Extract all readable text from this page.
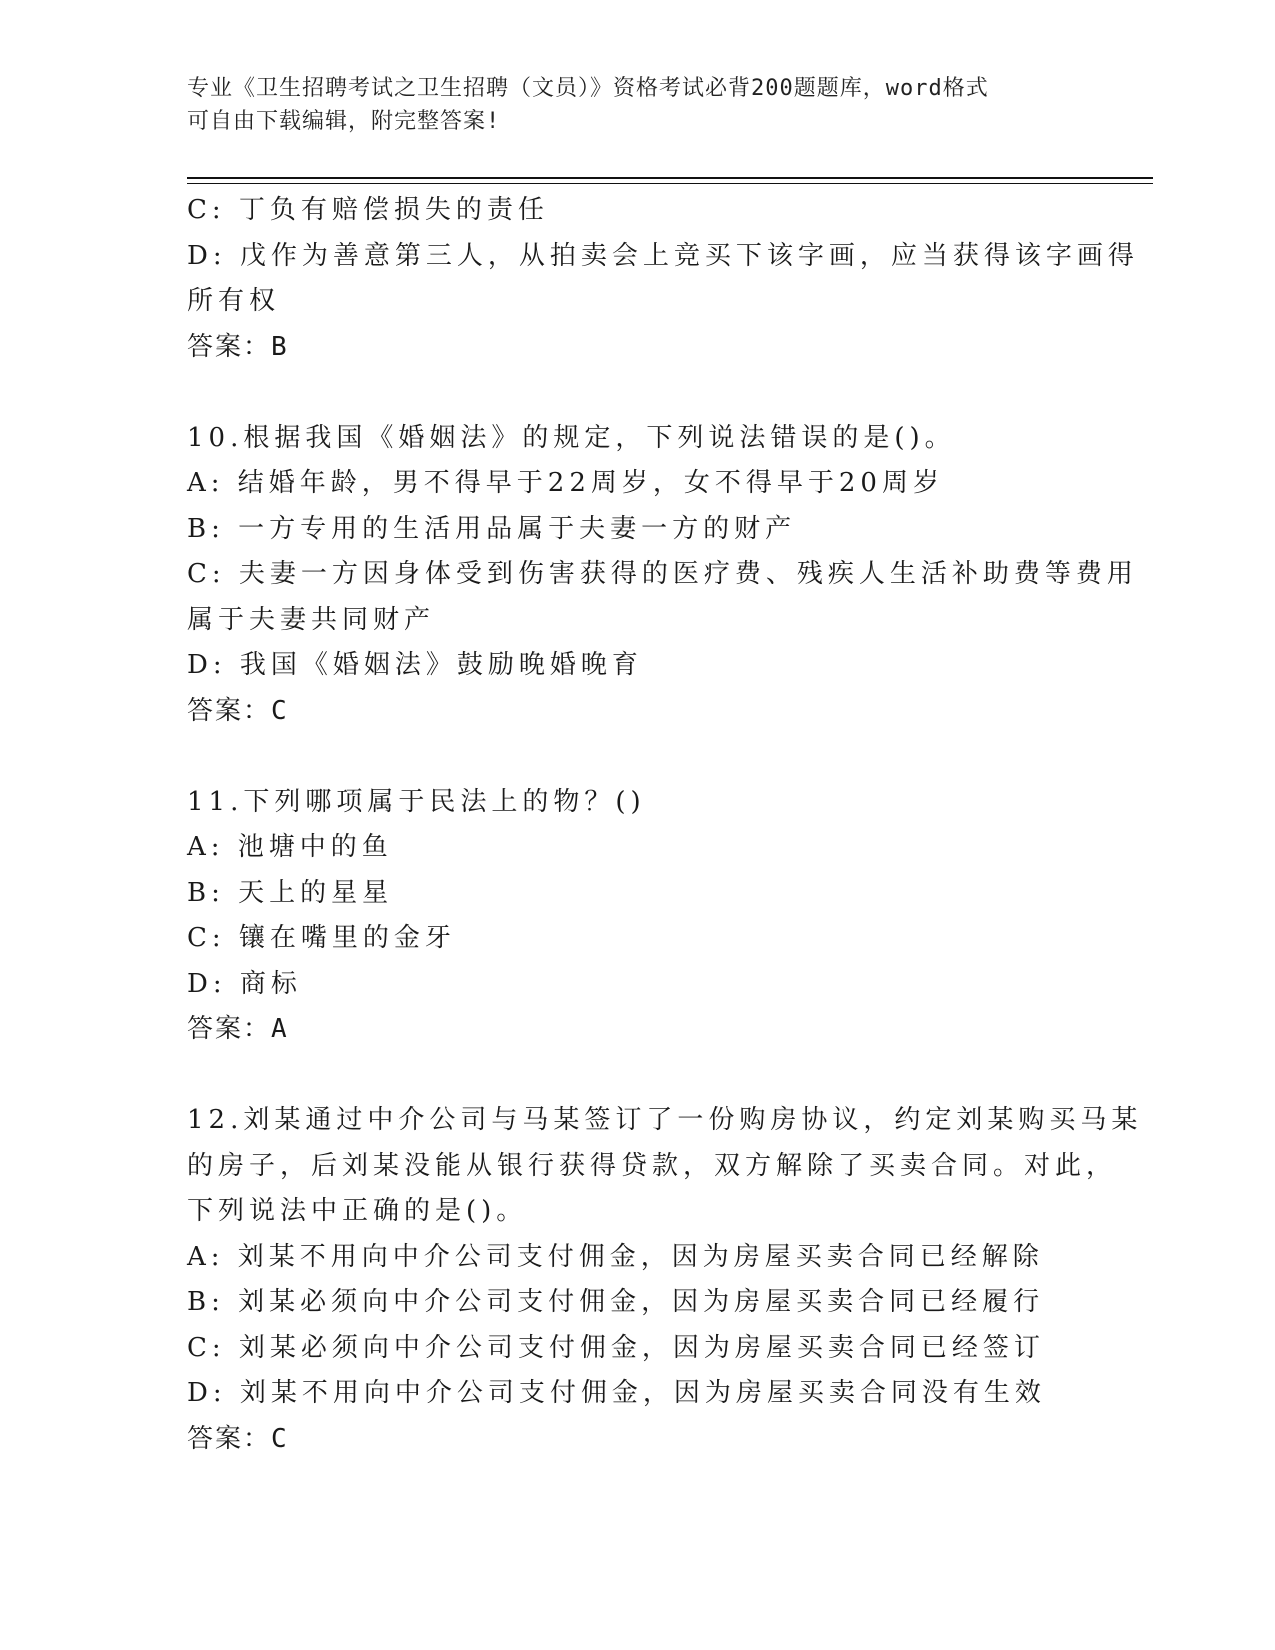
专业《卫生招聘考试之卫生招聘（文员）》资格考试必背200题题库，word格式
可自由下载编辑，附完整答案!
C: 丁负有赔偿损失的责任
D: 戊作为善意第三人，从拍卖会上竞买下该字画，应当获得该字画得
所有权
答案：B
10.根据我国《婚姻法》的规定，下列说法错误的是()。
A: 结婚年龄，男不得早于22周岁，女不得早于20周岁
B: 一方专用的生活用品属于夫妻一方的财产
C: 夫妻一方因身体受到伤害获得的医疗费、残疾人生活补助费等费用
属于夫妻共同财产
D: 我国《婚姻法》鼓励晚婚晚育
答案：C
11.下列哪项属于民法上的物？()
A: 池塘中的鱼
B: 天上的星星
C: 镶在嘴里的金牙
D: 商标
答案：A
12.刘某通过中介公司与马某签订了一份购房协议，约定刘某购买马某
的房子，后刘某没能从银行获得贷款，双方解除了买卖合同。对此，
下列说法中正确的是()。
A: 刘某不用向中介公司支付佣金，因为房屋买卖合同已经解除
B: 刘某必须向中介公司支付佣金，因为房屋买卖合同已经履行
C: 刘某必须向中介公司支付佣金，因为房屋买卖合同已经签订
D: 刘某不用向中介公司支付佣金，因为房屋买卖合同没有生效
答案：C
